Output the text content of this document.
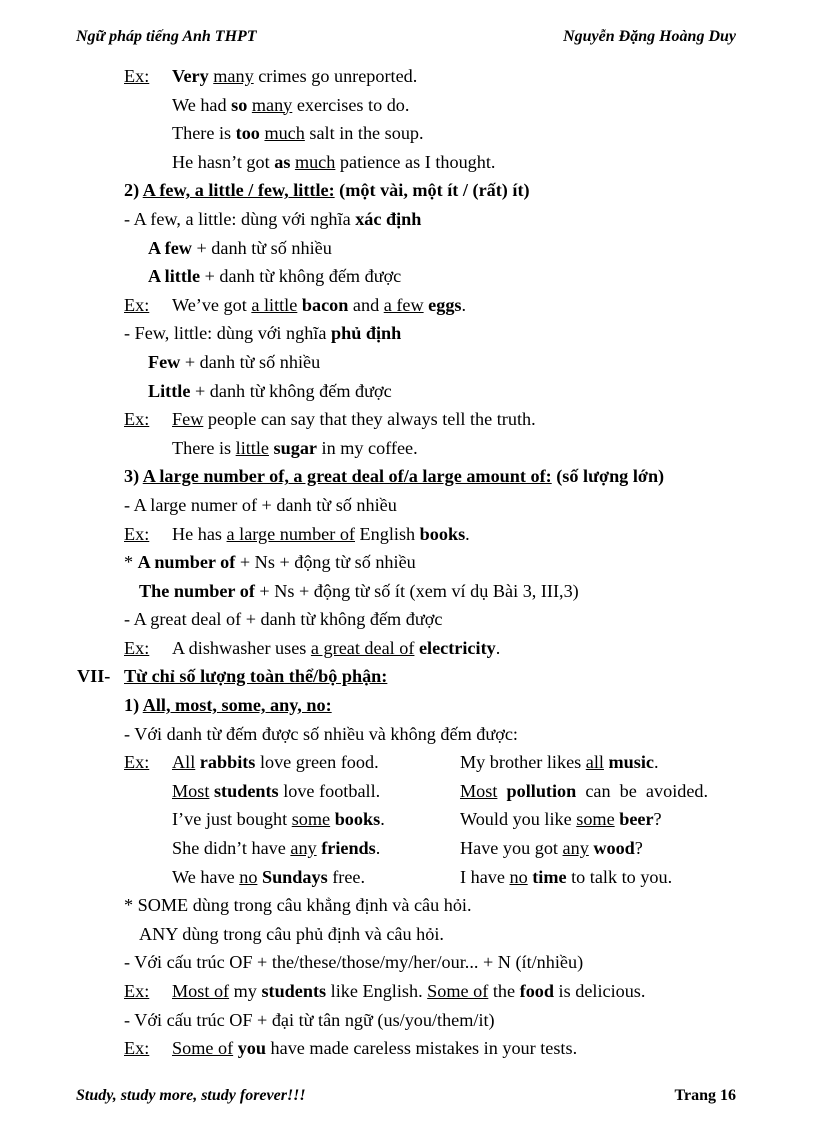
Ngữ pháp tiếng Anh THPT	Nguyễn Đặng Hoàng Duy
Ex: Very many crimes go unreported.
We had so many exercises to do.
There is too much salt in the soup.
He hasn’t got as much patience as I thought.
2) A few, a little / few, little: (một vài, một ít / (rất) ít)
- A few, a little: dùng với nghĩa xác định
A few + danh từ số nhiều
A little + danh từ không đếm được
Ex: We’ve got a little bacon and a few eggs.
- Few, little: dùng với nghĩa phủ định
Few + danh từ số nhiều
Little + danh từ không đếm được
Ex: Few people can say that they always tell the truth.
There is little sugar in my coffee.
3) A large number of, a great deal of/a large amount of: (số lượng lớn)
- A large numer of + danh từ số nhiều
Ex: He has a large number of English books.
* A number of + Ns + động từ số nhiều
The number of + Ns + động từ số ít (xem ví dụ Bài 3, III,3)
- A great deal of + danh từ không đếm được
Ex: A dishwasher uses a great deal of electricity.
VII- Từ chỉ số lượng toàn thể/bộ phận:
1) All, most, some, any, no:
- Với danh từ đếm được số nhiều và không đếm được:
Ex: All rabbits love green food.	My brother likes all music.
Most students love football.	Most pollution  can  be  avoided.
I’ve just bought some books.	Would you like some beer?
She didn’t have any friends.	Have you got any wood?
We have no Sundays free.	I have no time to talk to you.
* SOME dùng trong câu khẳng định và câu hỏi.
ANY dùng trong câu phủ định và câu hỏi.
- Với cấu trúc OF + the/these/those/my/her/our... + N (ít/nhiều)
Ex: Most of my students like English. Some of the food is delicious.
- Với cấu trúc OF + đại từ tân ngữ (us/you/them/it)
Ex: Some of you have made careless mistakes in your tests.
Study, study more, study forever!!!	Trang 16
